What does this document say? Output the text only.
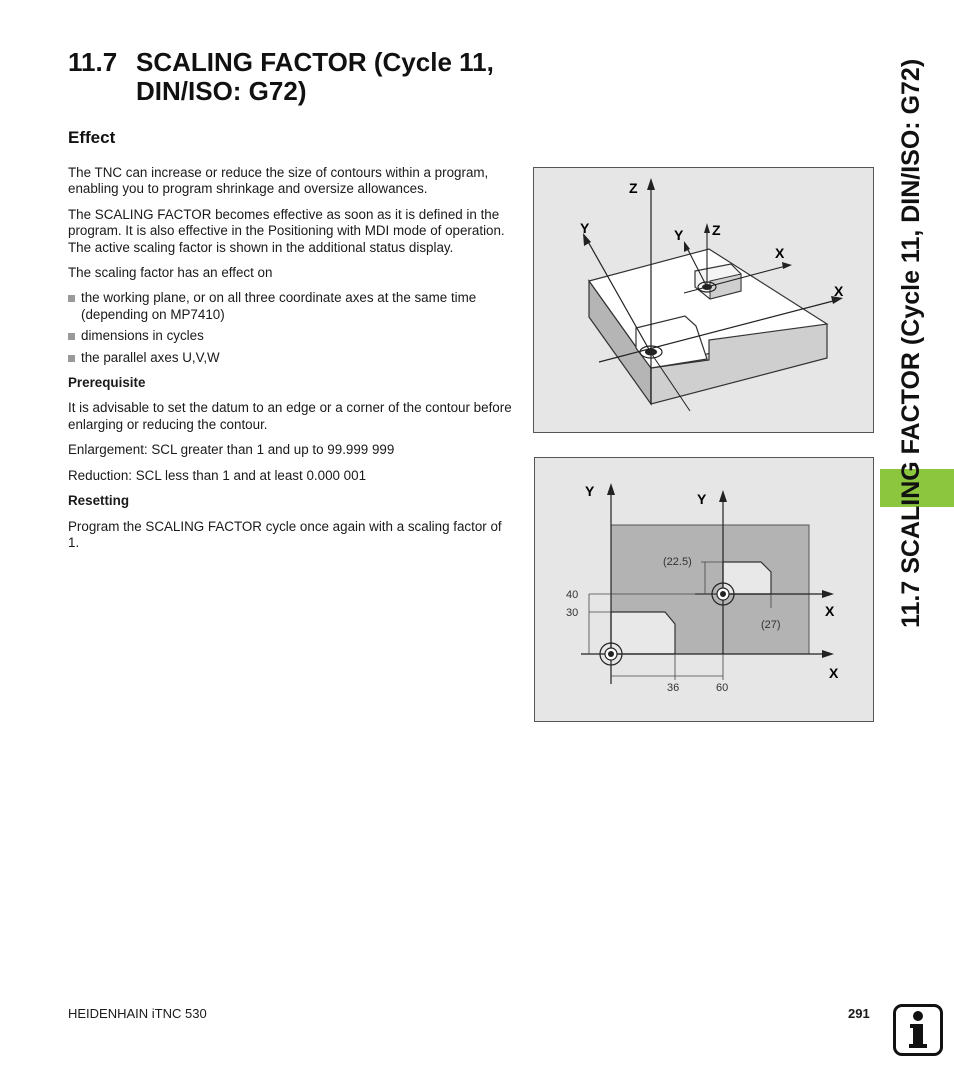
11.7 SCALING FACTOR (Cycle 11,
DIN/ISO: G72)
Effect

The TNC can increase or reduce the size of contours within a program, enabling you to program shrinkage and oversize allowances.

The SCALING FACTOR becomes effective as soon as it is defined in the program. It is also effective in the Positioning with MDI mode of operation. The active scaling factor is shown in the additional status display.

The scaling factor has an effect on

the working plane, or on all three coordinate axes at the same time (depending on MP7410)
dimensions in cycles
the parallel axes U,V,W
Prerequisite

It is advisable to set the datum to an edge or a corner of the contour before enlarging or reducing the contour.

Enlargement: SCL greater than 1 and up to 99.999 999

Reduction: SCL less than 1 and at least 0.000 001

Resetting

Program the SCALING FACTOR cycle once again with a scaling factor of 1.

Z
Y	Y Z
X
X
Y	Y
X
X
(22.5)
(27)
40
30
36	60
11.7 SCALING FACTOR (Cycle 11, DIN/ISO: G72)
HEIDENHAIN iTNC 530	291
